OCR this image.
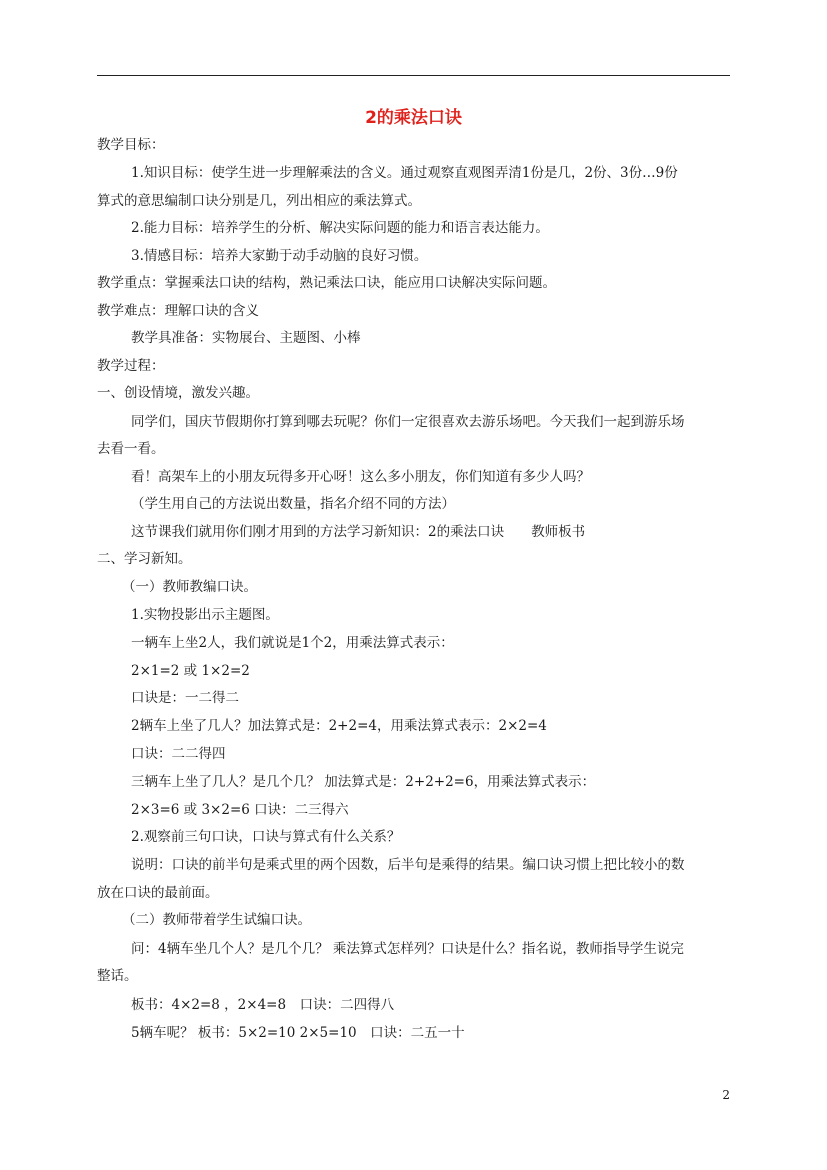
2的乘法口诀
教学目标：
1.知识目标：使学生进一步理解乘法的含义。通过观察直观图弄清1份是几，2份、3份…9份
算式的意思编制口诀分别是几，列出相应的乘法算式。
2.能力目标：培养学生的分析、解决实际问题的能力和语言表达能力。
3.情感目标：培养大家勤于动手动脑的良好习惯。
教学重点：掌握乘法口诀的结构，熟记乘法口诀，能应用口诀解决实际问题。
教学难点：理解口诀的含义
教学具准备：实物展台、主题图、小棒
教学过程：
一、创设情境，激发兴趣。
同学们，国庆节假期你打算到哪去玩呢？你们一定很喜欢去游乐场吧。今天我们一起到游乐场
去看一看。
看！高架车上的小朋友玩得多开心呀！这么多小朋友，你们知道有多少人吗？
（学生用自己的方法说出数量，指名介绍不同的方法）
这节课我们就用你们刚才用到的方法学习新知识：2的乘法口诀　　教师板书
二、学习新知。
（一）教师教编口诀。
1.实物投影出示主题图。
一辆车上坐2人，我们就说是1个2，用乘法算式表示：
2×1=2 或 1×2=2
口诀是：一二得二
2辆车上坐了几人？加法算式是：2+2=4，用乘法算式表示：2×2=4
口诀：二二得四
三辆车上坐了几人？是几个几？ 加法算式是：2+2+2=6，用乘法算式表示：
2×3=6 或 3×2=6 口诀：二三得六
2.观察前三句口诀，口诀与算式有什么关系？
说明：口诀的前半句是乘式里的两个因数，后半句是乘得的结果。编口诀习惯上把比较小的数
放在口诀的最前面。
（二）教师带着学生试编口诀。
问：4辆车坐几个人？是几个几？ 乘法算式怎样列？口诀是什么？指名说，教师指导学生说完
整话。
板书：4×2=8 ，2×4=8　口诀：二四得八
5辆车呢？ 板书：5×2=10 2×5=10　口诀：二五一十
2
